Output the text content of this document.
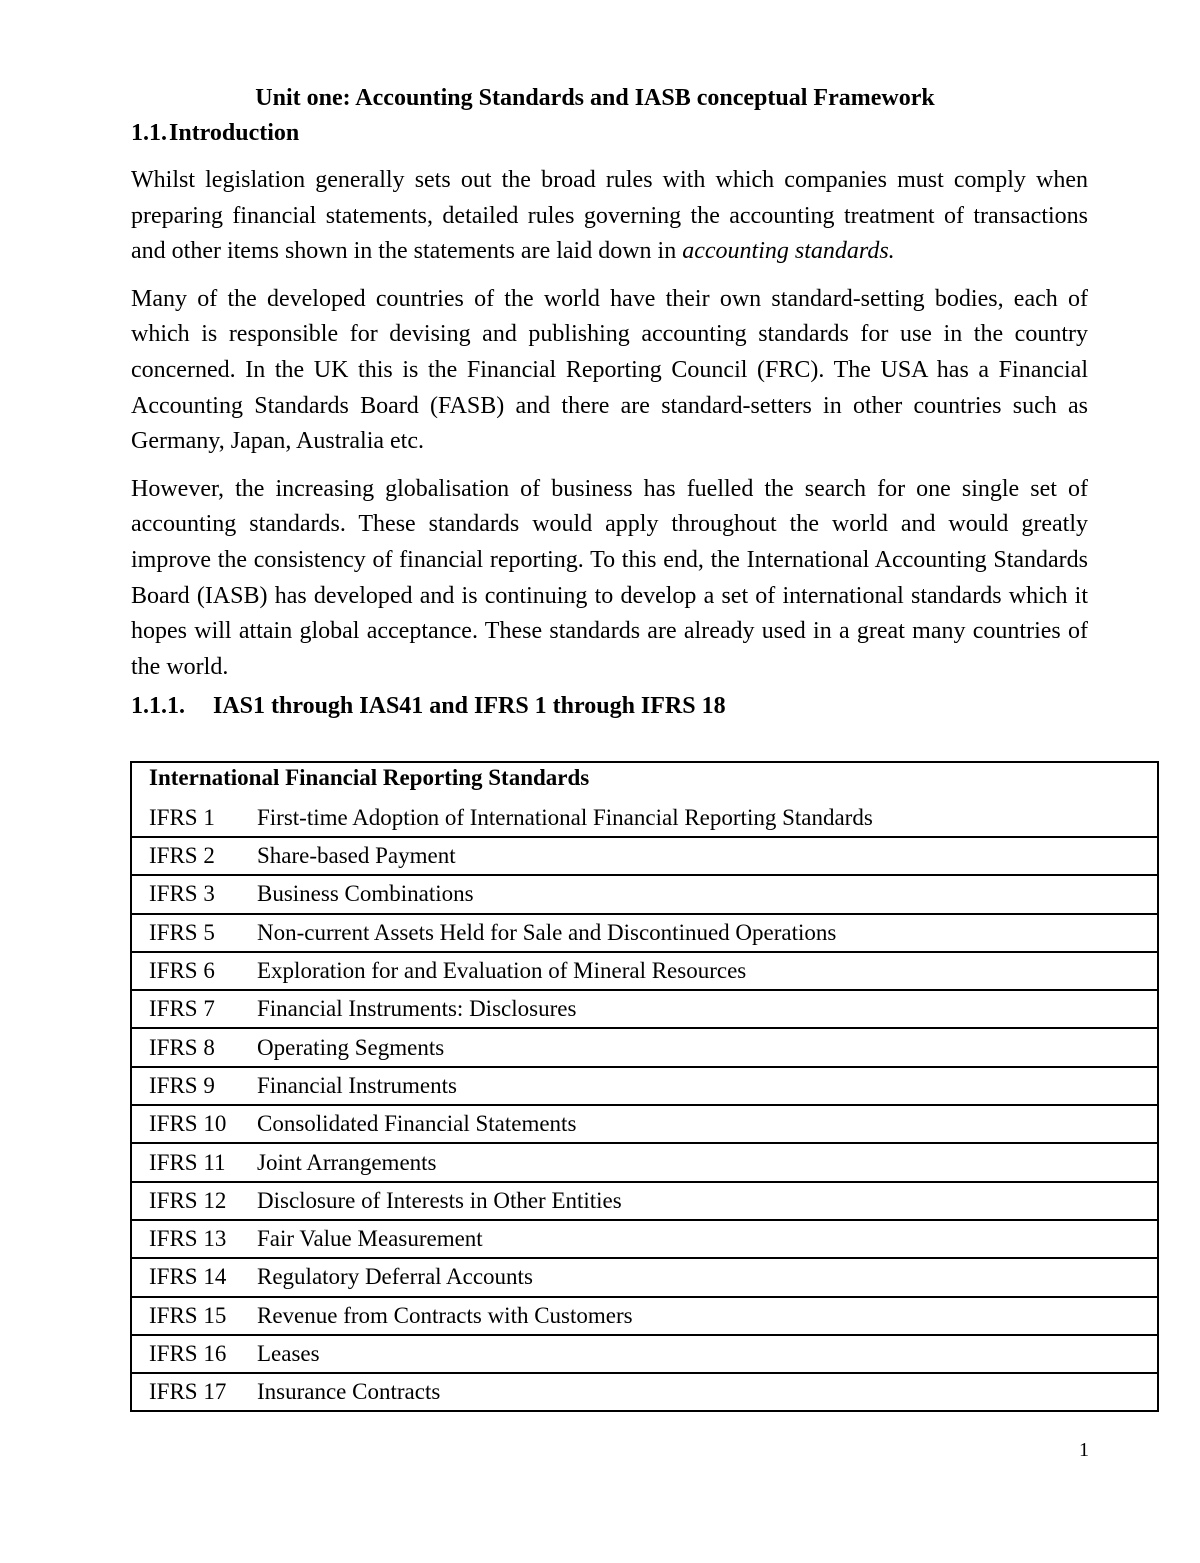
Unit one: Accounting Standards and IASB conceptual Framework
1.1.Introduction

Whilst legislation generally sets out the broad rules with which companies must comply when preparing financial statements, detailed rules governing the accounting treatment of transactions and other items shown in the statements are laid down in accounting standards.

Many of the developed countries of the world have their own standard-setting bodies, each of which is responsible for devising and publishing accounting standards for use in the country concerned. In the UK this is the Financial Reporting Council (FRC). The USA has a Financial Accounting Standards Board (FASB) and there are standard-setters in other countries such as Germany, Japan, Australia etc.

However, the increasing globalisation of business has fuelled the search for one single set of accounting standards. These standards would apply throughout the world and would greatly improve the consistency of financial reporting. To this end, the International Accounting Standards Board (IASB) has developed and is continuing to develop a set of international standards which it hopes will attain global acceptance. These standards are already used in a great many countries of the world.

1.1.1. IAS1 through IAS41 and IFRS 1 through IFRS 18
International Financial Reporting Standards	
IFRS 1	First-time Adoption of International Financial Reporting Standards
IFRS 2	Share-based Payment
IFRS 3	Business Combinations
IFRS 5	Non-current Assets Held for Sale and Discontinued Operations
IFRS 6	Exploration for and Evaluation of Mineral Resources
IFRS 7	Financial Instruments: Disclosures
IFRS 8	Operating Segments
IFRS 9	Financial Instruments
IFRS 10	Consolidated Financial Statements
IFRS 11	Joint Arrangements
IFRS 12	Disclosure of Interests in Other Entities
IFRS 13	Fair Value Measurement
IFRS 14	Regulatory Deferral Accounts
IFRS 15	Revenue from Contracts with Customers
IFRS 16	Leases
IFRS 17	Insurance Contracts
1
